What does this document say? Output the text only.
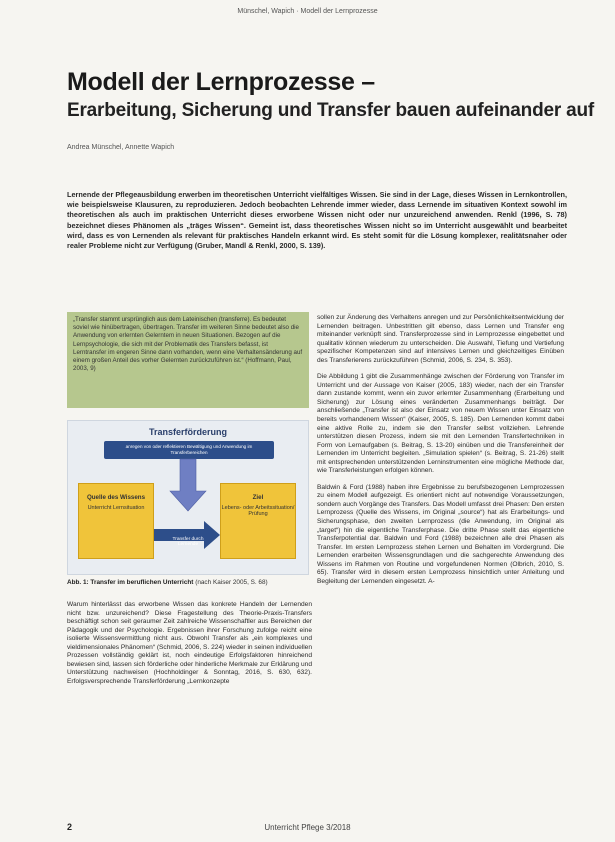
Münschel, Wapich · Modell der Lernprozesse
Modell der Lernprozesse –
Erarbeitung, Sicherung und Transfer bauen aufeinander auf
Andrea Münschel, Annette Wapich

Lernende der Pflegeausbildung erwerben im theoretischen Unterricht vielfältiges Wissen. Sie sind in der Lage, dieses Wissen in Lernkontrollen, wie beispielsweise Klausuren, zu reproduzieren. Jedoch beobachten Lehrende immer wieder, dass Lernende im situativen Kontext sowohl im theoretischen als auch im praktischen Unterricht dieses erworbene Wissen nicht oder nur unzureichend anwenden. Renkl (1996, S. 78) bezeichnet dieses Phänomen als „träges Wissen“. Gemeint ist, dass theoretisches Wissen nicht so im Unterricht ausgewählt und bearbeitet wird, dass es von Lernenden als relevant für praktisches Handeln erkannt wird. Es steht somit für die Lösung komplexer, realitätsnaher oder realer Probleme nicht zur Verfügung (Gruber, Mandl & Renkl, 2000, S. 139).

„Transfer stammt ursprünglich aus dem Lateinischen (transferre). Es bedeutet soviel wie hinübertragen, übertragen. Transfer im weiteren Sinne bedeutet also die Anwendung von erlernten Gelerntem in neuen Situationen. Bezogen auf die Lernpsychologie, die sich mit der Problematik des Transfers befasst, ist Lerntransfer im engeren Sinne dann vorhanden, wenn eine Verhaltensänderung auf einem großen Anteil des vorher Gelernten zurückzuführen ist.“ (Hoffmann, Paul, 2003, 9)
Transferförderung
anregen von oder reflektieren Bewältigung und Anwendung im Transferbereichen
Quelle des Wissens
Unterricht Lernsituation
Ziel
Lebens- oder Arbeitssituation/ Prüfung
Transfer durch Lernende
Abb. 1: Transfer im beruflichen Unterricht (nach Kaiser 2005, S. 68)

Warum hinterlässt das erworbene Wissen das konkrete Handeln der Lernenden nicht bzw. unzureichend? Diese Fragestellung des Theorie-Praxis-Transfers beschäftigt schon seit geraumer Zeit zahlreiche Wissenschaftler aus Bereichen der Pädagogik und der Psychologie. Ergebnissen ihrer Forschung zufolge reicht eine isolierte Wissensvermittlung nicht aus. Obwohl Transfer als „ein komplexes und vieldimensionales Phänomen“ (Schmid, 2006, S. 224) wieder in seinen individuellen Prozessen vollständig geklärt ist, noch eindeutige Erfolgsfaktoren hinreichend bewiesen sind, lassen sich förderliche oder hinderliche Merkmale zur Erklärung und Unterstützung nachweisen (Hochholdinger & Sonntag, 2016, S. 630, 632). Erfolgsversprechende Transferförderung „Lernkonzepte

sollen zur Änderung des Verhaltens anregen und zur Persönlichkeitsentwicklung der Lernenden beitragen. Unbestritten gilt ebenso, dass Lernen und Transfer eng miteinander verknüpft sind. Transferprozesse sind in Lernprozesse eingebettet und qualitativ können wiederum zu unterscheiden. Die Auswahl, Tiefung und Vertiefung spezifischer Kompetenzen sind auf intensives Lernen und gleichzeitiges Einüben des Transferierens zurückzuführen (Schmid, 2006, S. 234, S. 353).

Die Abbildung 1 gibt die Zusammenhänge zwischen der Förderung von Transfer im Unterricht und der Aussage von Kaiser (2005, 183) wieder, nach der ein Transfer dann zustande kommt, wenn ein zuvor erlernter Zusammenhang (Erarbeitung und Sicherung) zur Lösung eines veränderten Zusammenhangs beiträgt. Der anschließende „Transfer ist also der Einsatz von neuem Wissen unter Einsatz von bereits vorhandenem Wissen“ (Kaiser, 2005, S. 185). Den Lernenden kommt dabei eine aktive Rolle zu, indem sie den Transfer selbst vollziehen. Lehrende unterstützen diesen Prozess, indem sie mit den Lernenden Transfertechniken in Form von Lernaufgaben (s. Beitrag, S. 13-20) einüben und die Transfereinheit der Lernenden im Unterricht begleiten. „Simulation spielen“ (s. Beitrag, S. 21-26) stellt mit entsprechenden unterstützenden Lerninstrumenten eine mögliche Methode dar, wie Transferleistungen erfolgen können.

Baldwin & Ford (1988) haben ihre Ergebnisse zu berufsbezogenen Lernprozessen zu einem Modell aufgezeigt. Es orientiert nicht auf notwendige Voraussetzungen, sondern auch Vorgänge des Transfers. Das Modell umfasst drei Phasen: Den ersten Lernprozess (Quelle des Wissens, im Original „source“) hat als Erarbeitungs- und Sicherungsphase, den zweiten Lernprozess (die Anwendung, im Original als „target“) hin die eigentliche Transferphase. Die dritte Phase stellt das eigentliche Transferpotential dar. Baldwin und Ford (1988) bezeichnen alle drei Phasen als Transfer. Im ersten Lernprozess stehen Lernen und Behalten im Vordergrund. Die Lernenden erarbeiten Wissensgrundlagen und die sachgerechte Anwendung des Wissens im Rahmen von Routine und vorgefundenen Normen (Olbrich, 2010, S. 65). Transfer wird in diesem ersten Lernprozess hinsichtlich unter Anleitung und Begleitung der Lernenden eingesetzt. A-

Unterricht Pflege 3/2018
2
